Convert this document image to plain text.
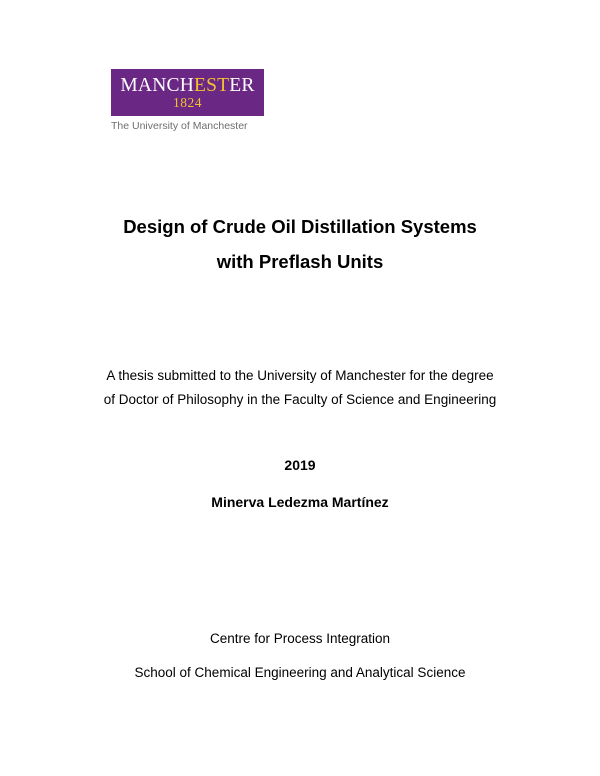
MANCHESTER
1824
The University of Manchester
Design of Crude Oil Distillation Systems
with Preflash Units
A thesis submitted to the University of Manchester for the degree
of Doctor of Philosophy in the Faculty of Science and Engineering
2019
Minerva Ledezma Martínez
Centre for Process Integration
School of Chemical Engineering and Analytical Science
